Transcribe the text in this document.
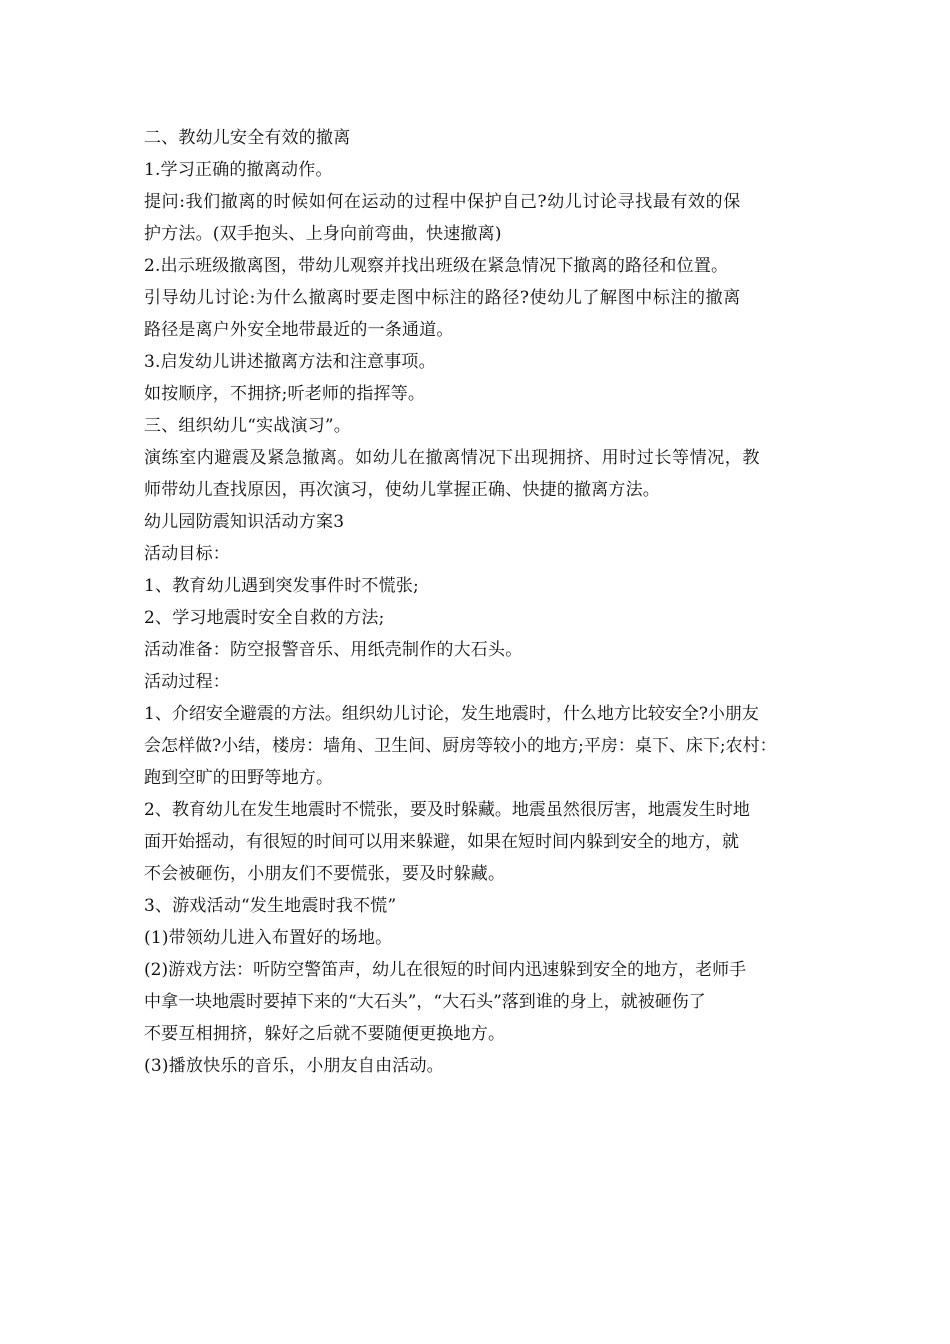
二、教幼儿安全有效的撤离
1.学习正确的撤离动作。
提问:我们撤离的时候如何在运动的过程中保护自己?幼儿讨论寻找最有效的保
护方法。(双手抱头、上身向前弯曲，快速撤离)
2.出示班级撤离图，带幼儿观察并找出班级在紧急情况下撤离的路径和位置。
引导幼儿讨论:为什么撤离时要走图中标注的路径?使幼儿了解图中标注的撤离
路径是离户外安全地带最近的一条通道。
3.启发幼儿讲述撤离方法和注意事项。
如按顺序，不拥挤;听老师的指挥等。
三、组织幼儿“实战演习”。
演练室内避震及紧急撤离。如幼儿在撤离情况下出现拥挤、用时过长等情况，教
师带幼儿查找原因，再次演习，使幼儿掌握正确、快捷的撤离方法。
幼儿园防震知识活动方案3
活动目标：
1、教育幼儿遇到突发事件时不慌张;
2、学习地震时安全自救的方法;
活动准备：防空报警音乐、用纸壳制作的大石头。
活动过程：
1、介绍安全避震的方法。组织幼儿讨论，发生地震时，什么地方比较安全?小朋友
会怎样做?小结，楼房：墙角、卫生间、厨房等较小的地方;平房：桌下、床下;农村：
跑到空旷的田野等地方。
2、教育幼儿在发生地震时不慌张，要及时躲藏。地震虽然很厉害，地震发生时地
面开始摇动，有很短的时间可以用来躲避，如果在短时间内躲到安全的地方，就
不会被砸伤，小朋友们不要慌张，要及时躲藏。
3、游戏活动“发生地震时我不慌”
(1)带领幼儿进入布置好的场地。
(2)游戏方法：听防空警笛声，幼儿在很短的时间内迅速躲到安全的地方，老师手
中拿一块地震时要掉下来的“大石头”，“大石头”落到谁的身上，就被砸伤了
不要互相拥挤，躲好之后就不要随便更换地方。
(3)播放快乐的音乐，小朋友自由活动。
